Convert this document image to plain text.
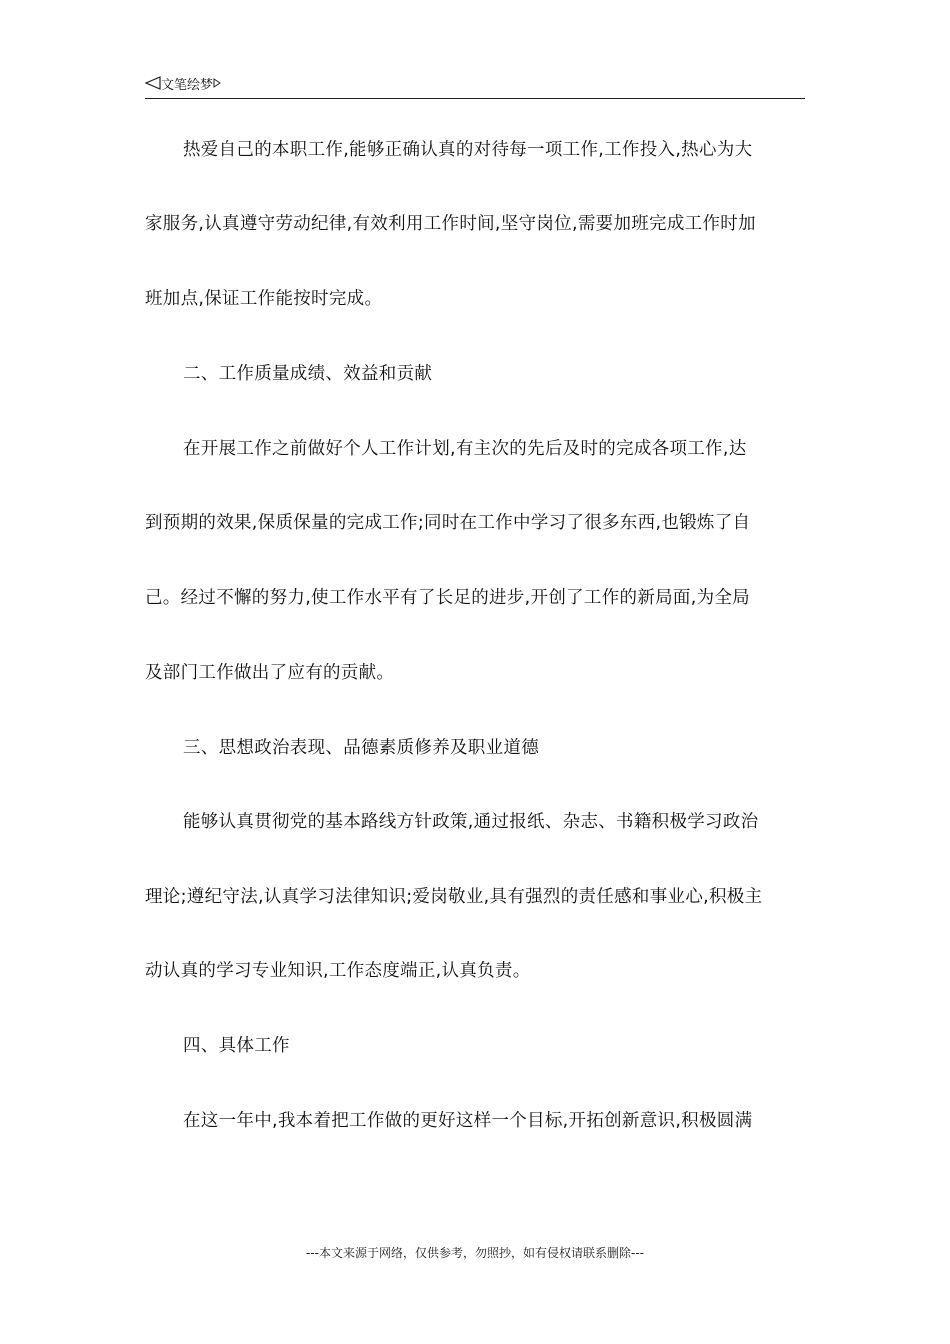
文笔绘梦
热爱自己的本职工作,能够正确认真的对待每一项工作,工作投入,热心为大
家服务,认真遵守劳动纪律,有效利用工作时间,坚守岗位,需要加班完成工作时加
班加点,保证工作能按时完成。
二、工作质量成绩、效益和贡献
在开展工作之前做好个人工作计划,有主次的先后及时的完成各项工作,达
到预期的效果,保质保量的完成工作;同时在工作中学习了很多东西,也锻炼了自
己。经过不懈的努力,使工作水平有了长足的进步,开创了工作的新局面,为全局
及部门工作做出了应有的贡献。
三、思想政治表现、品德素质修养及职业道德
能够认真贯彻党的基本路线方针政策,通过报纸、杂志、书籍积极学习政治
理论;遵纪守法,认真学习法律知识;爱岗敬业,具有强烈的责任感和事业心,积极主
动认真的学习专业知识,工作态度端正,认真负责。
四、具体工作
在这一年中,我本着把工作做的更好这样一个目标,开拓创新意识,积极圆满
---本文来源于网络，仅供参考，勿照抄，如有侵权请联系删除---
